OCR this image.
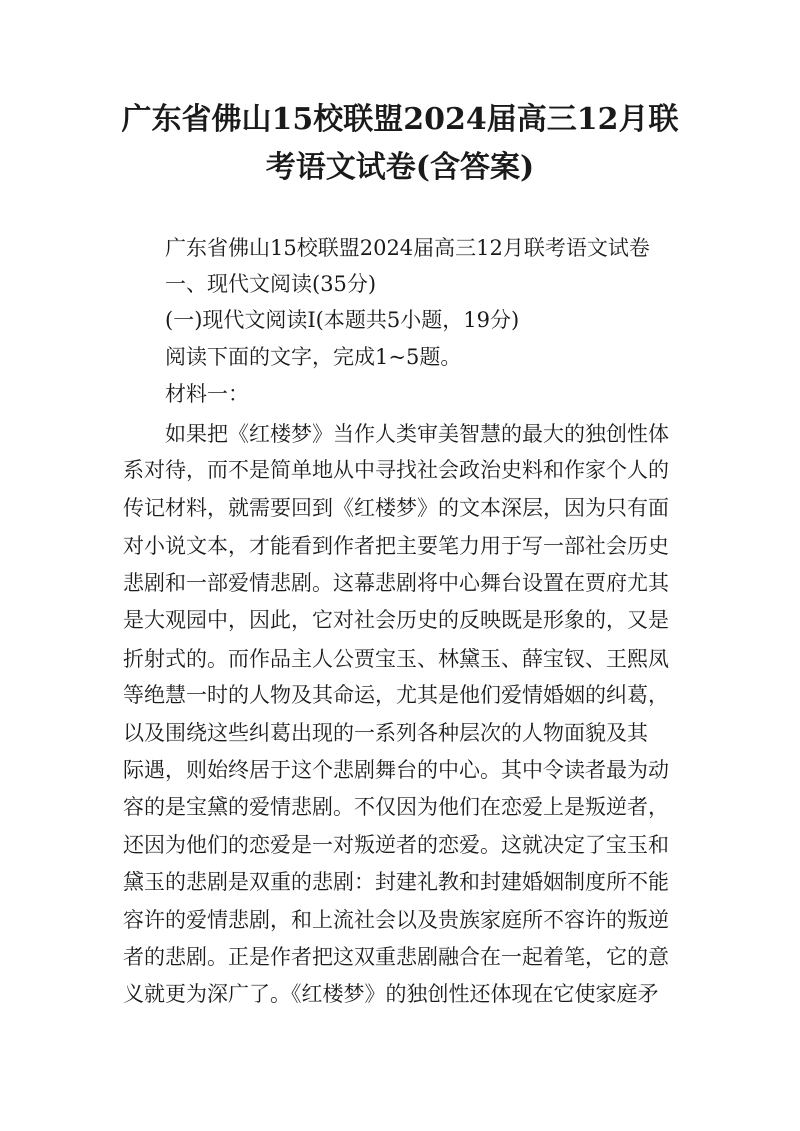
广东省佛山15校联盟2024届高三12月联
考语文试卷(含答案)
广东省佛山15校联盟2024届高三12月联考语文试卷
一、现代文阅读(35分)
(一)现代文阅读Ⅰ(本题共5小题，19分)
阅读下面的文字，完成1~5题。
材料一：
如果把《红楼梦》当作人类审美智慧的最大的独创性体
系对待，而不是简单地从中寻找社会政治史料和作家个人的
传记材料，就需要回到《红楼梦》的文本深层，因为只有面
对小说文本，才能看到作者把主要笔力用于写一部社会历史
悲剧和一部爱情悲剧。这幕悲剧将中心舞台设置在贾府尤其
是大观园中，因此，它对社会历史的反映既是形象的，又是
折射式的。而作品主人公贾宝玉、林黛玉、薛宝钗、王熙凤
等绝慧一时的人物及其命运，尤其是他们爱情婚姻的纠葛，
以及围绕这些纠葛出现的一系列各种层次的人物面貌及其
际遇，则始终居于这个悲剧舞台的中心。其中令读者最为动
容的是宝黛的爱情悲剧。不仅因为他们在恋爱上是叛逆者，
还因为他们的恋爱是一对叛逆者的恋爱。这就决定了宝玉和
黛玉的悲剧是双重的悲剧：封建礼教和封建婚姻制度所不能
容许的爱情悲剧，和上流社会以及贵族家庭所不容许的叛逆
者的悲剧。正是作者把这双重悲剧融合在一起着笔，它的意
义就更为深广了。《红楼梦》的独创性还体现在它使家庭矛
